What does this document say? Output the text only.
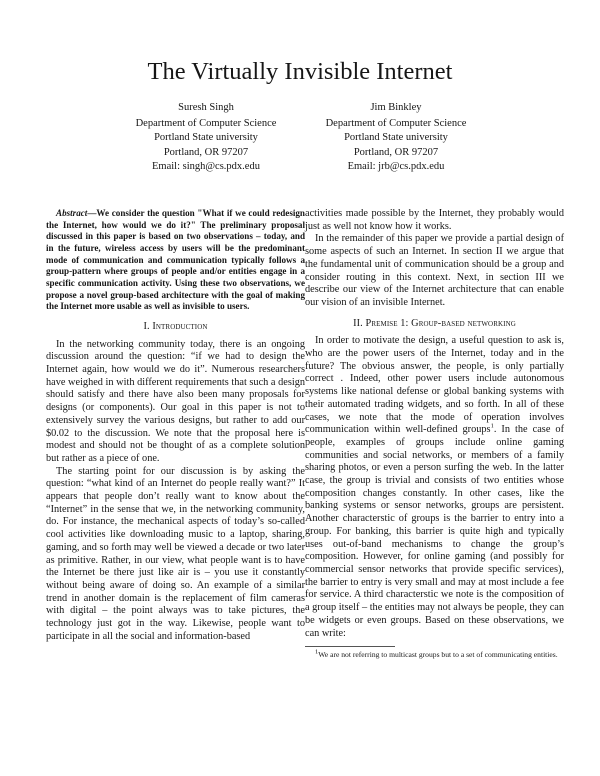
The Virtually Invisible Internet
Suresh Singh
Department of Computer Science
Portland State university
Portland, OR 97207
Email: singh@cs.pdx.edu
Jim Binkley
Department of Computer Science
Portland State university
Portland, OR 97207
Email: jrb@cs.pdx.edu

Abstract—We consider the question "What if we could redesign the Internet, how would we do it?" The preliminary proposal discussed in this paper is based on two observations – today, and in the future, wireless access by users will be the predominant mode of communication and communication typically follows a group-pattern where groups of people and/or entities engage in a specific communication activity. Using these two observations, we propose a novel group-based architecture with the goal of making the Internet more usable as well as invisible to users.

I. Introduction

In the networking community today, there is an ongoing discussion around the question: “if we had to design the Internet again, how would we do it”. Numerous researchers have weighed in with different requirements that such a design should satisfy and there have also been many proposals for designs (or components). Our goal in this paper is not to extensively survey the various designs, but rather to add our $0.02 to the discussion. We note that the proposal here is modest and should not be thought of as a complete solution but rather as a piece of one.

The starting point for our discussion is by asking the question: “what kind of an Internet do people really want?” It appears that people don’t really want to know about the “Internet” in the sense that we, in the networking community, do. For instance, the mechanical aspects of today’s so-called cool activities like downloading music to a laptop, sharing, gaming, and so forth may well be viewed a decade or two later as primitive. Rather, in our view, what people want is to have the Internet be there just like air is – you use it constantly without being aware of doing so. An example of a similar trend in another domain is the replacement of film cameras with digital – the point always was to take pictures, the technology just got in the way. Likewise, people want to participate in all the social and information-based

activities made possible by the Internet, they probably would just as well not know how it works.

In the remainder of this paper we provide a partial design of some aspects of such an Internet. In section II we argue that the fundamental unit of communication should be a group and consider routing in this context. Next, in section III we describe our view of the Internet architecture that can enable our vision of an invisible Internet.

II. Premise 1: Group-based networking

In order to motivate the design, a useful question to ask is, who are the power users of the Internet, today and in the future? The obvious answer, the people, is only partially correct . Indeed, other power users include autonomous systems like national defense or global banking systems with their automated trading widgets, and so forth. In all of these cases, we note that the mode of operation involves communication within well-defined groups$^1$. In the case of people, examples of groups include online gaming communities and social networks, or members of a family sharing photos, or even a person surfing the web. In the latter case, the group is trivial and consists of two entities whose composition changes constantly. In other cases, like the banking systems or sensor networks, groups are persistent. Another characterstic of groups is the barrier to entry into a group. For banking, this barrier is quite high and typically uses out-of-band mechanisms to change the group’s composition. However, for online gaming (and possibly for commercial sensor networks that provide specific services), the barrier to entry is very small and may at most include a fee for service. A third characterstic we note is the composition of a group itself – the entities may not always be people, they can be widgets or even groups. Based on these observations, we can write:

$^1$We are not referring to multicast groups but to a set of communicating entities.
